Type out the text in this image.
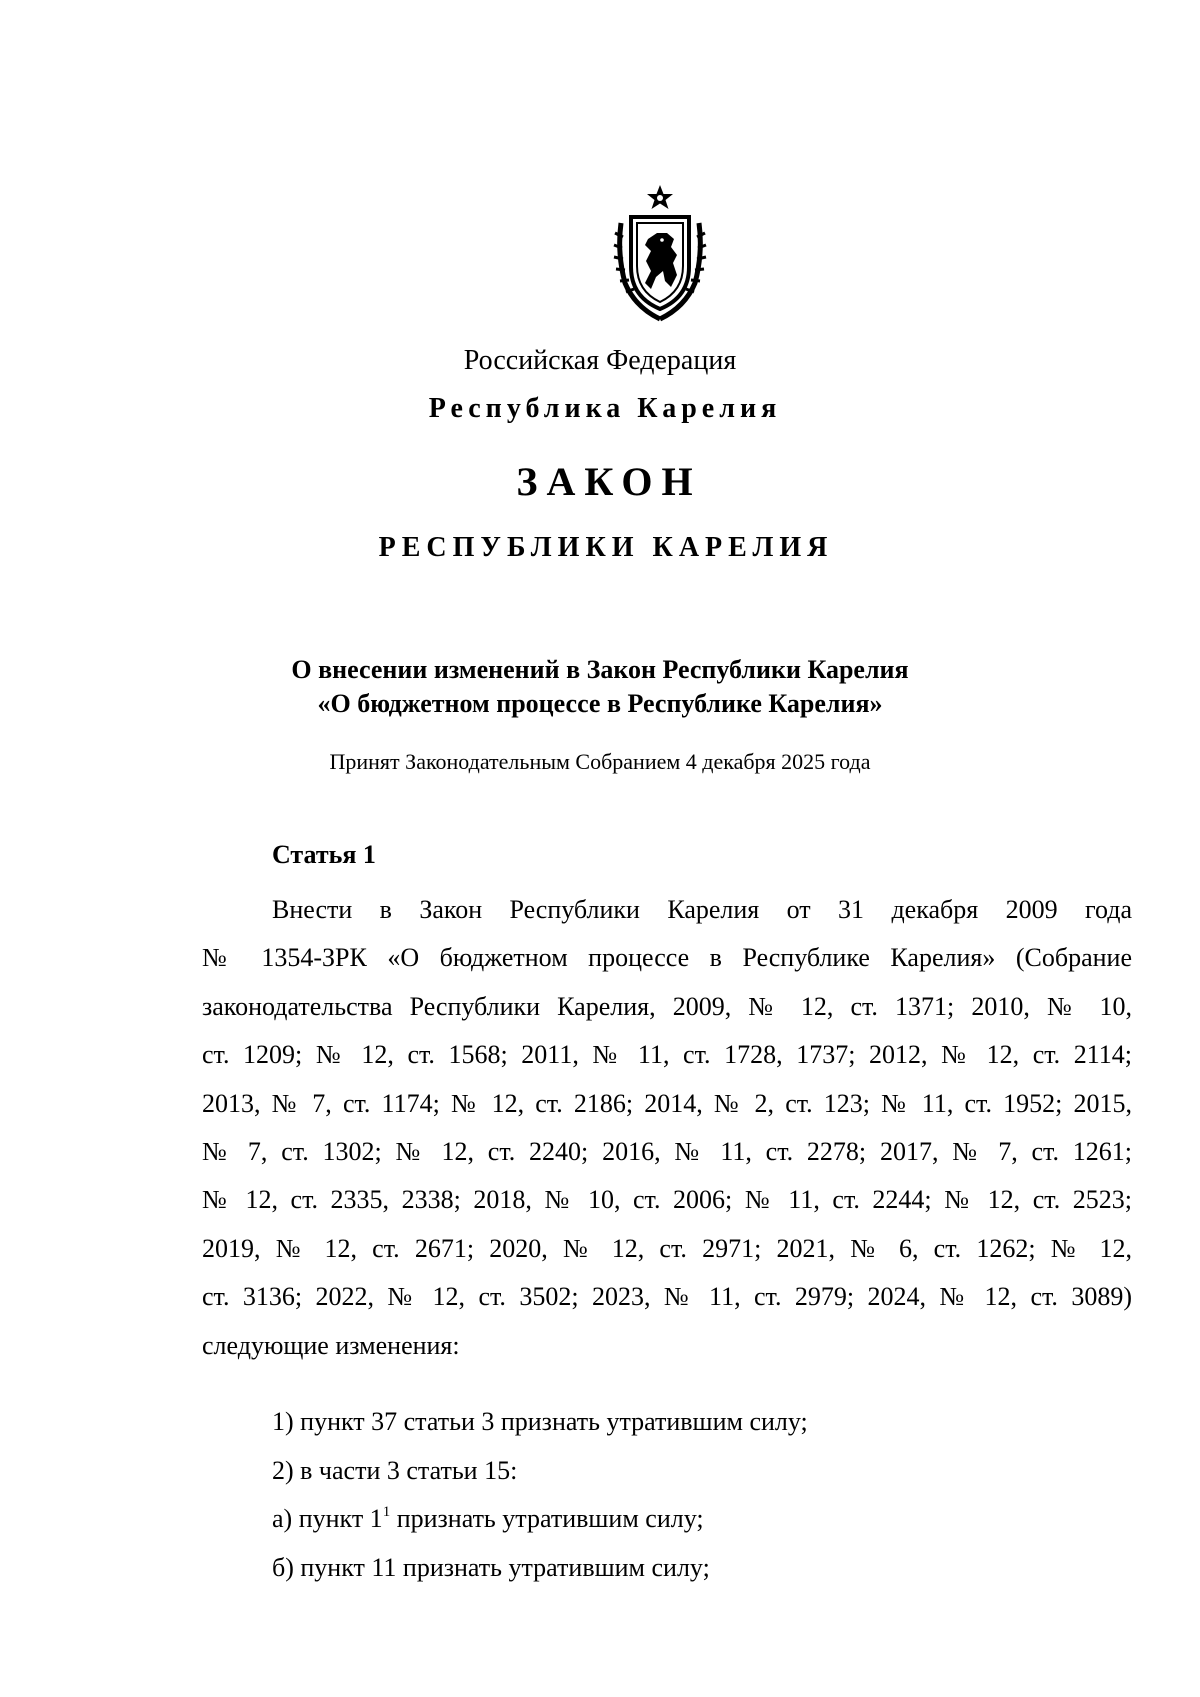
Российская Федерация
Республика Карелия
ЗАКОН
РЕСПУБЛИКИ КАРЕЛИЯ
О внесении изменений в Закон Республики Карелия
«О бюджетном процессе в Республике Карелия»
Принят Законодательным Собранием 4 декабря 2025 года
Статья 1
Внести в Закон Республики Карелия от 31 декабря 2009 года
№ 1354-ЗРК «О бюджетном процессе в Республике Карелия» (Собрание
законодательства Республики Карелия, 2009, № 12, ст. 1371; 2010, № 10,
ст. 1209; № 12, ст. 1568; 2011, № 11, ст. 1728, 1737; 2012, № 12, ст. 2114;
2013, № 7, ст. 1174; № 12, ст. 2186; 2014, № 2, ст. 123; № 11, ст. 1952; 2015,
№ 7, ст. 1302; № 12, ст. 2240; 2016, № 11, ст. 2278; 2017, № 7, ст. 1261;
№ 12, ст. 2335, 2338; 2018, № 10, ст. 2006; № 11, ст. 2244; № 12, ст. 2523;
2019, № 12, ст. 2671; 2020, № 12, ст. 2971; 2021, № 6, ст. 1262; № 12,
ст. 3136; 2022, № 12, ст. 3502; 2023, № 11, ст. 2979; 2024, № 12, ст. 3089)
следующие изменения:
1) пункт 37 статьи 3 признать утратившим силу;
2) в части 3 статьи 15:
а) пункт $1^1$ признать утратившим силу;
б) пункт 11 признать утратившим силу;
